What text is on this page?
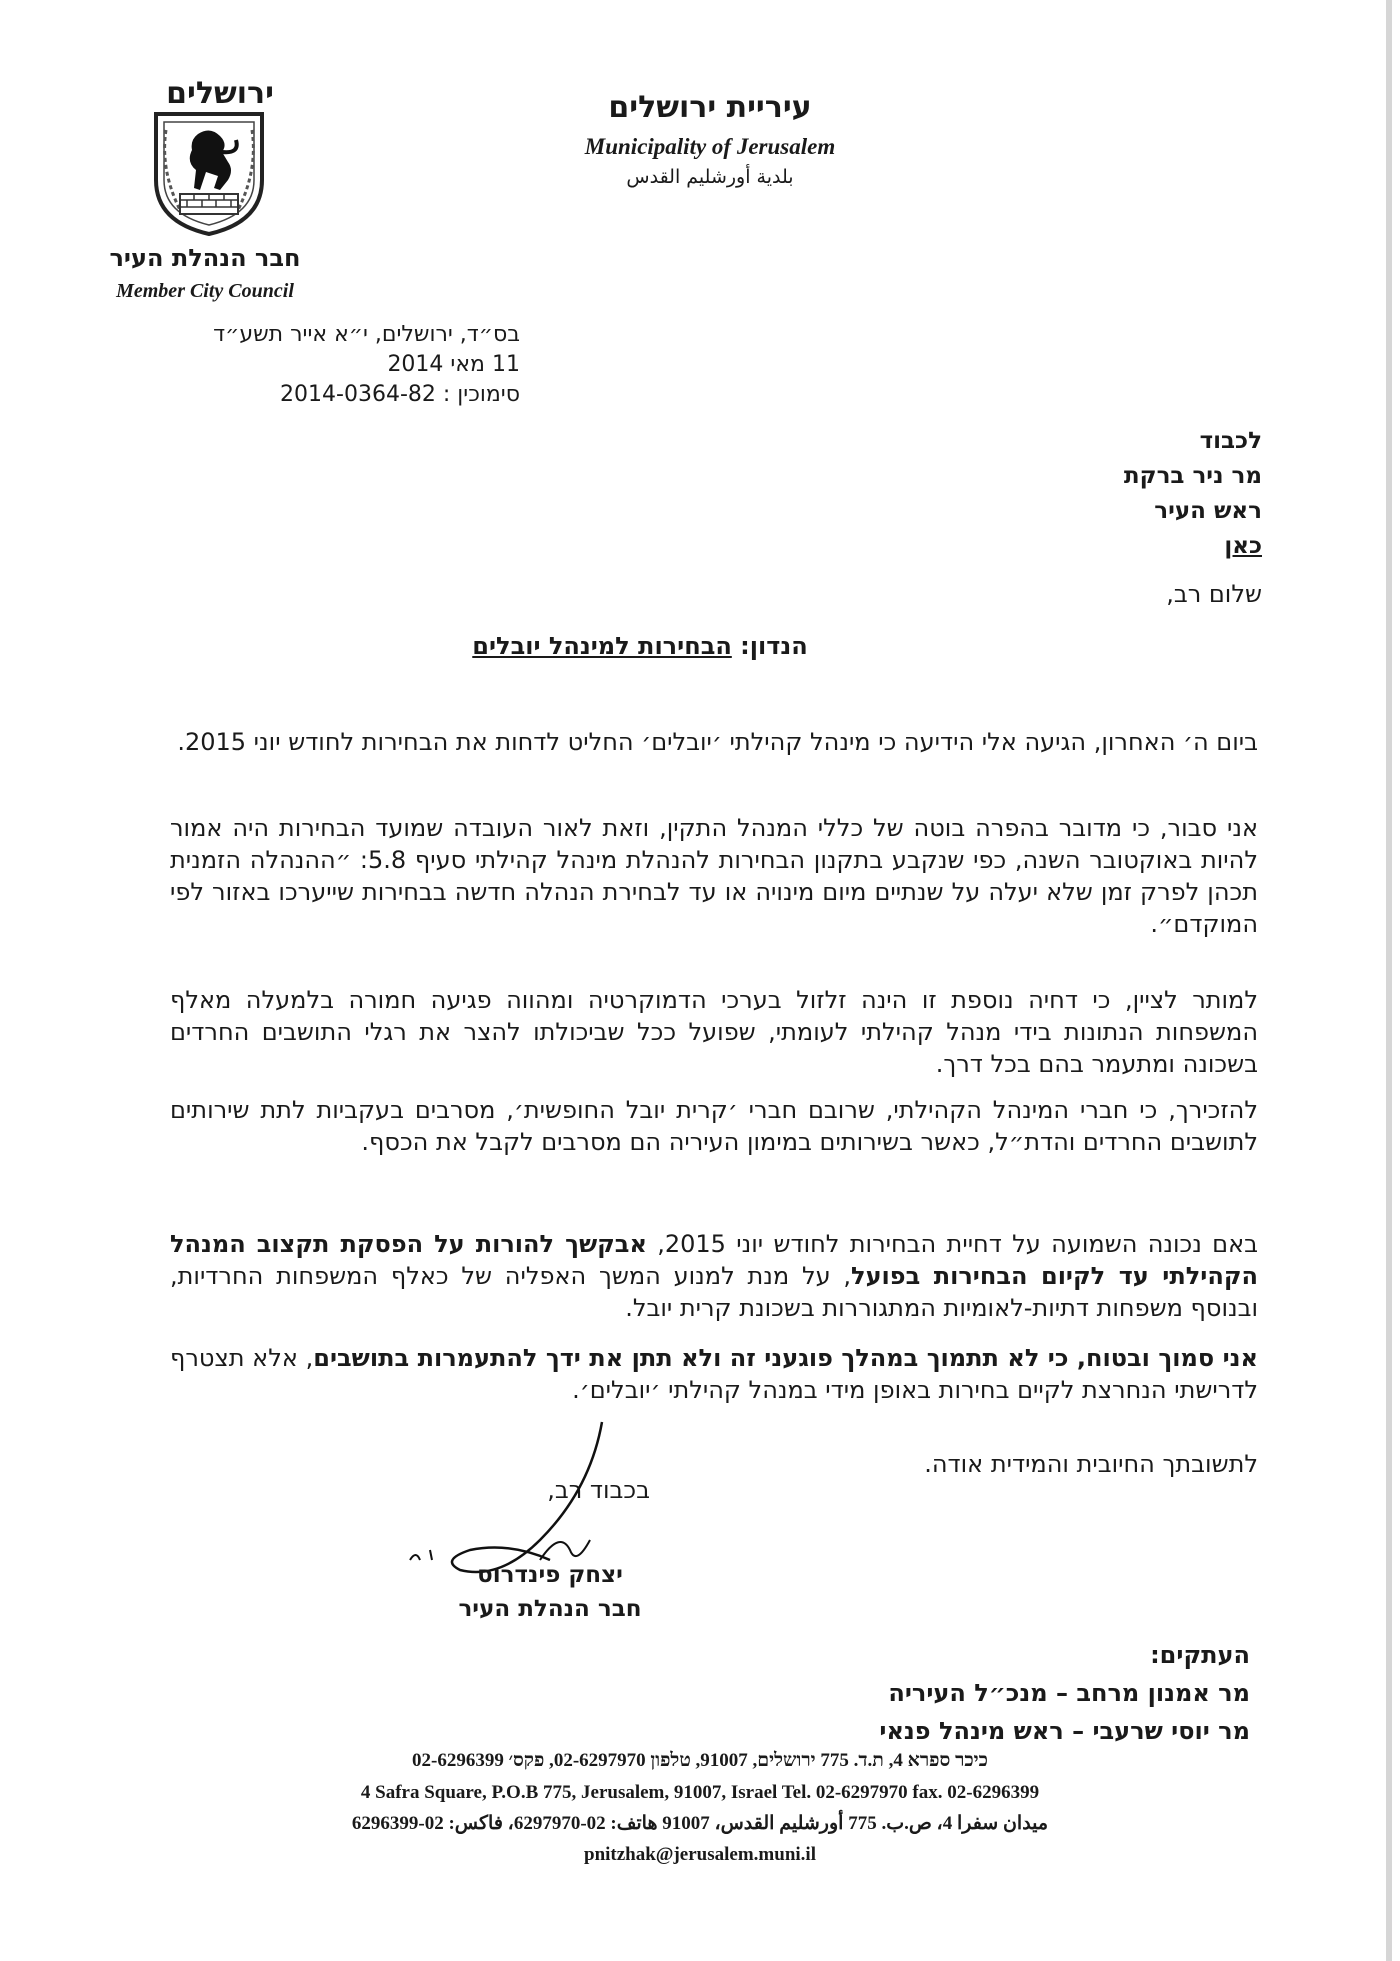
ירושלים
חבר הנהלת העיר
Member City Council
עיריית ירושלים
Municipality of Jerusalem
بلدية أورشليم القدس
בס״ד, ירושלים, י״א אייר תשע״ד
11 מאי 2014
סימוכין : 2014-0364-82
לכבוד
מר ניר ברקת
ראש העיר
כאן
שלום רב,
הנדון: הבחירות למינהל יובלים
ביום ה׳ האחרון, הגיעה אלי הידיעה כי מינהל קהילתי ׳יובלים׳ החליט לדחות את הבחירות לחודש יוני 2015.
אני סבור, כי מדובר בהפרה בוטה של כללי המנהל התקין, וזאת לאור העובדה שמועד הבחירות היה אמור להיות באוקטובר השנה, כפי שנקבע בתקנון הבחירות להנהלת מינהל קהילתי סעיף 5.8: ״ההנהלה הזמנית תכהן לפרק זמן שלא יעלה על שנתיים מיום מינויה או עד לבחירת הנהלה חדשה בבחירות שייערכו באזור לפי המוקדם״.
למותר לציין, כי דחיה נוספת זו הינה זלזול בערכי הדמוקרטיה ומהווה פגיעה חמורה בלמעלה מאלף המשפחות הנתונות בידי מנהל קהילתי לעומתי, שפועל ככל שביכולתו להצר את רגלי התושבים החרדים בשכונה ומתעמר בהם בכל דרך.
להזכירך, כי חברי המינהל הקהילתי, שרובם חברי ׳קרית יובל החופשית׳, מסרבים בעקביות לתת שירותים לתושבים החרדים והדת״ל, כאשר בשירותים במימון העיריה הם מסרבים לקבל את הכסף.
באם נכונה השמועה על דחיית הבחירות לחודש יוני 2015, אבקשך להורות על הפסקת תקצוב המנהל הקהילתי עד לקיום הבחירות בפועל, על מנת למנוע המשך האפליה של כאלף המשפחות החרדיות, ובנוסף משפחות דתיות-לאומיות המתגוררות בשכונת קרית יובל.
אני סמוך ובטוח, כי לא תתמוך במהלך פוגעני זה ולא תתן את ידך להתעמרות בתושבים, אלא תצטרף לדרישתי הנחרצת לקיים בחירות באופן מידי במנהל קהילתי ׳יובלים׳.
לתשובתך החיובית והמידית אודה.
בכבוד רב,
יצחק פינדרוס
חבר הנהלת העיר
העתקים:
מר אמנון מרחב – מנכ״ל העיריה
מר יוסי שרעבי – ראש מינהל פנאי
כיכר ספרא 4, ת.ד. 775 ירושלים, 91007, טלפון 02-6297970, פקס׳ 02-6296399
4 Safra Square, P.O.B 775, Jerusalem, 91007, Israel Tel. 02-6297970 fax. 02-6296399
ميدان سفرا 4، ص.ب. 775 أورشليم القدس، 91007 هاتف: 02-6297970، فاكس: 02-6296399
pnitzhak@jerusalem.muni.il
